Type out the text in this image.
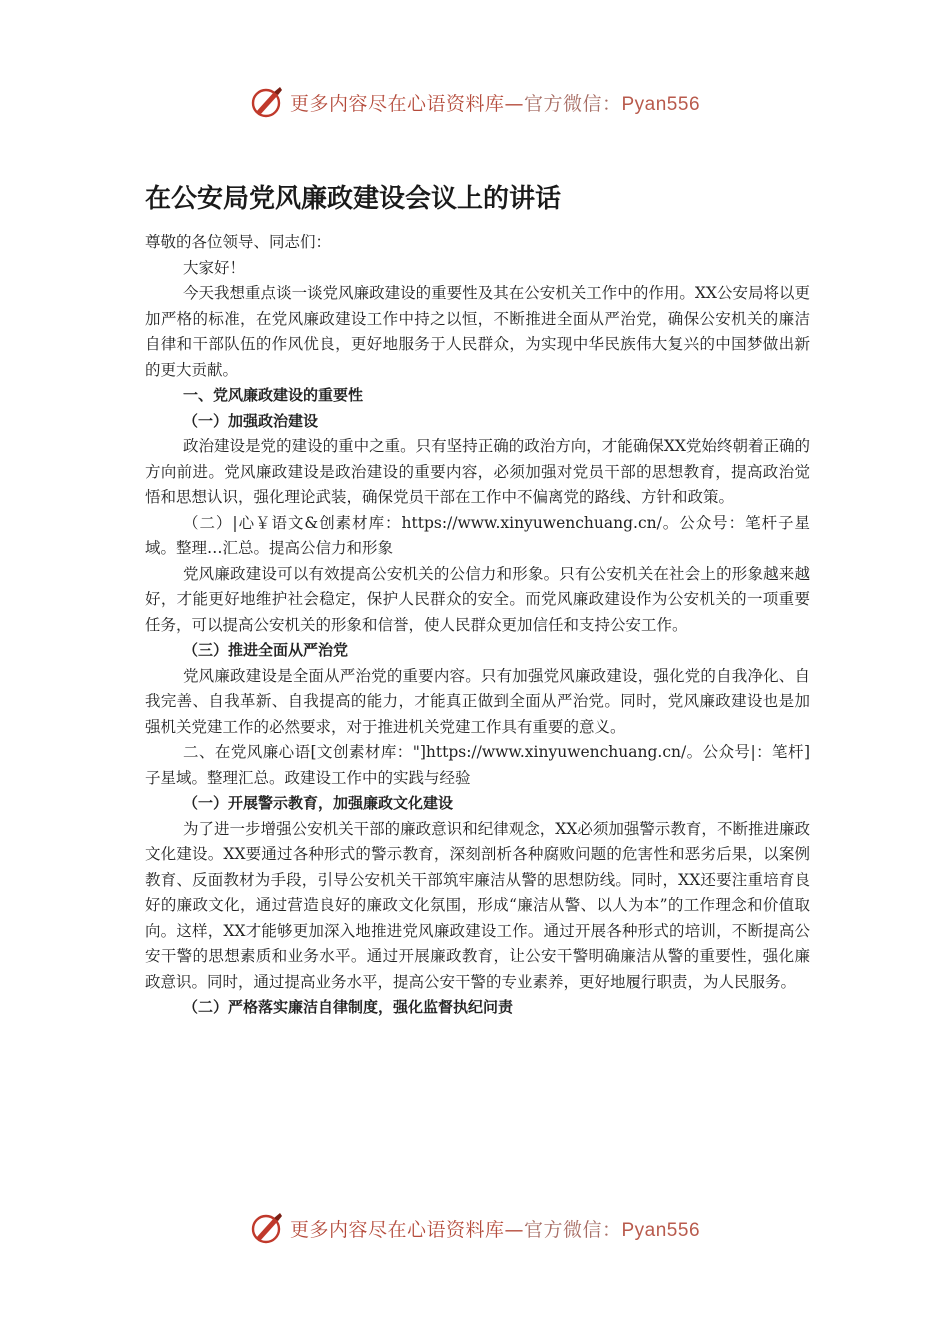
更多内容尽在心语资料库—官方微信：Pyan556
在公安局党风廉政建设会议上的讲话

尊敬的各位领导、同志们：

大家好！

今天我想重点谈一谈党风廉政建设的重要性及其在公安机关工作中的作用。XX公安局将以更加严格的标准，在党风廉政建设工作中持之以恒，不断推进全面从严治党，确保公安机关的廉洁自律和干部队伍的作风优良，更好地服务于人民群众，为实现中华民族伟大复兴的中国梦做出新的更大贡献。

一、党风廉政建设的重要性

（一）加强政治建设

政治建设是党的建设的重中之重。只有坚持正确的政治方向，才能确保XX党始终朝着正确的方向前进。党风廉政建设是政治建设的重要内容，必须加强对党员干部的思想教育，提高政治觉悟和思想认识，强化理论武装，确保党员干部在工作中不偏离党的路线、方针和政策。

（二）|心￥语文&创素材库：https://www.xinyuwenchuang.cn/。公众号：笔杆子星域。整理…汇总。提高公信力和形象

党风廉政建设可以有效提高公安机关的公信力和形象。只有公安机关在社会上的形象越来越好，才能更好地维护社会稳定，保护人民群众的安全。而党风廉政建设作为公安机关的一项重要任务，可以提高公安机关的形象和信誉，使人民群众更加信任和支持公安工作。

（三）推进全面从严治党

党风廉政建设是全面从严治党的重要内容。只有加强党风廉政建设，强化党的自我净化、自我完善、自我革新、自我提高的能力，才能真正做到全面从严治党。同时，党风廉政建设也是加强机关党建工作的必然要求，对于推进机关党建工作具有重要的意义。

二、在党风廉心语[文创素材库："]https://www.xinyuwenchuang.cn/。公众号|：笔杆]子星域。整理汇总。政建设工作中的实践与经验

（一）开展警示教育，加强廉政文化建设

为了进一步增强公安机关干部的廉政意识和纪律观念，XX必须加强警示教育，不断推进廉政文化建设。XX要通过各种形式的警示教育，深刻剖析各种腐败问题的危害性和恶劣后果，以案例教育、反面教材为手段，引导公安机关干部筑牢廉洁从警的思想防线。同时，XX还要注重培育良好的廉政文化，通过营造良好的廉政文化氛围，形成“廉洁从警、以人为本”的工作理念和价值取向。这样，XX才能够更加深入地推进党风廉政建设工作。通过开展各种形式的培训，不断提高公安干警的思想素质和业务水平。通过开展廉政教育，让公安干警明确廉洁从警的重要性，强化廉政意识。同时，通过提高业务水平，提高公安干警的专业素养，更好地履行职责，为人民服务。

（二）严格落实廉洁自律制度，强化监督执纪问责

更多内容尽在心语资料库—官方微信：Pyan556
